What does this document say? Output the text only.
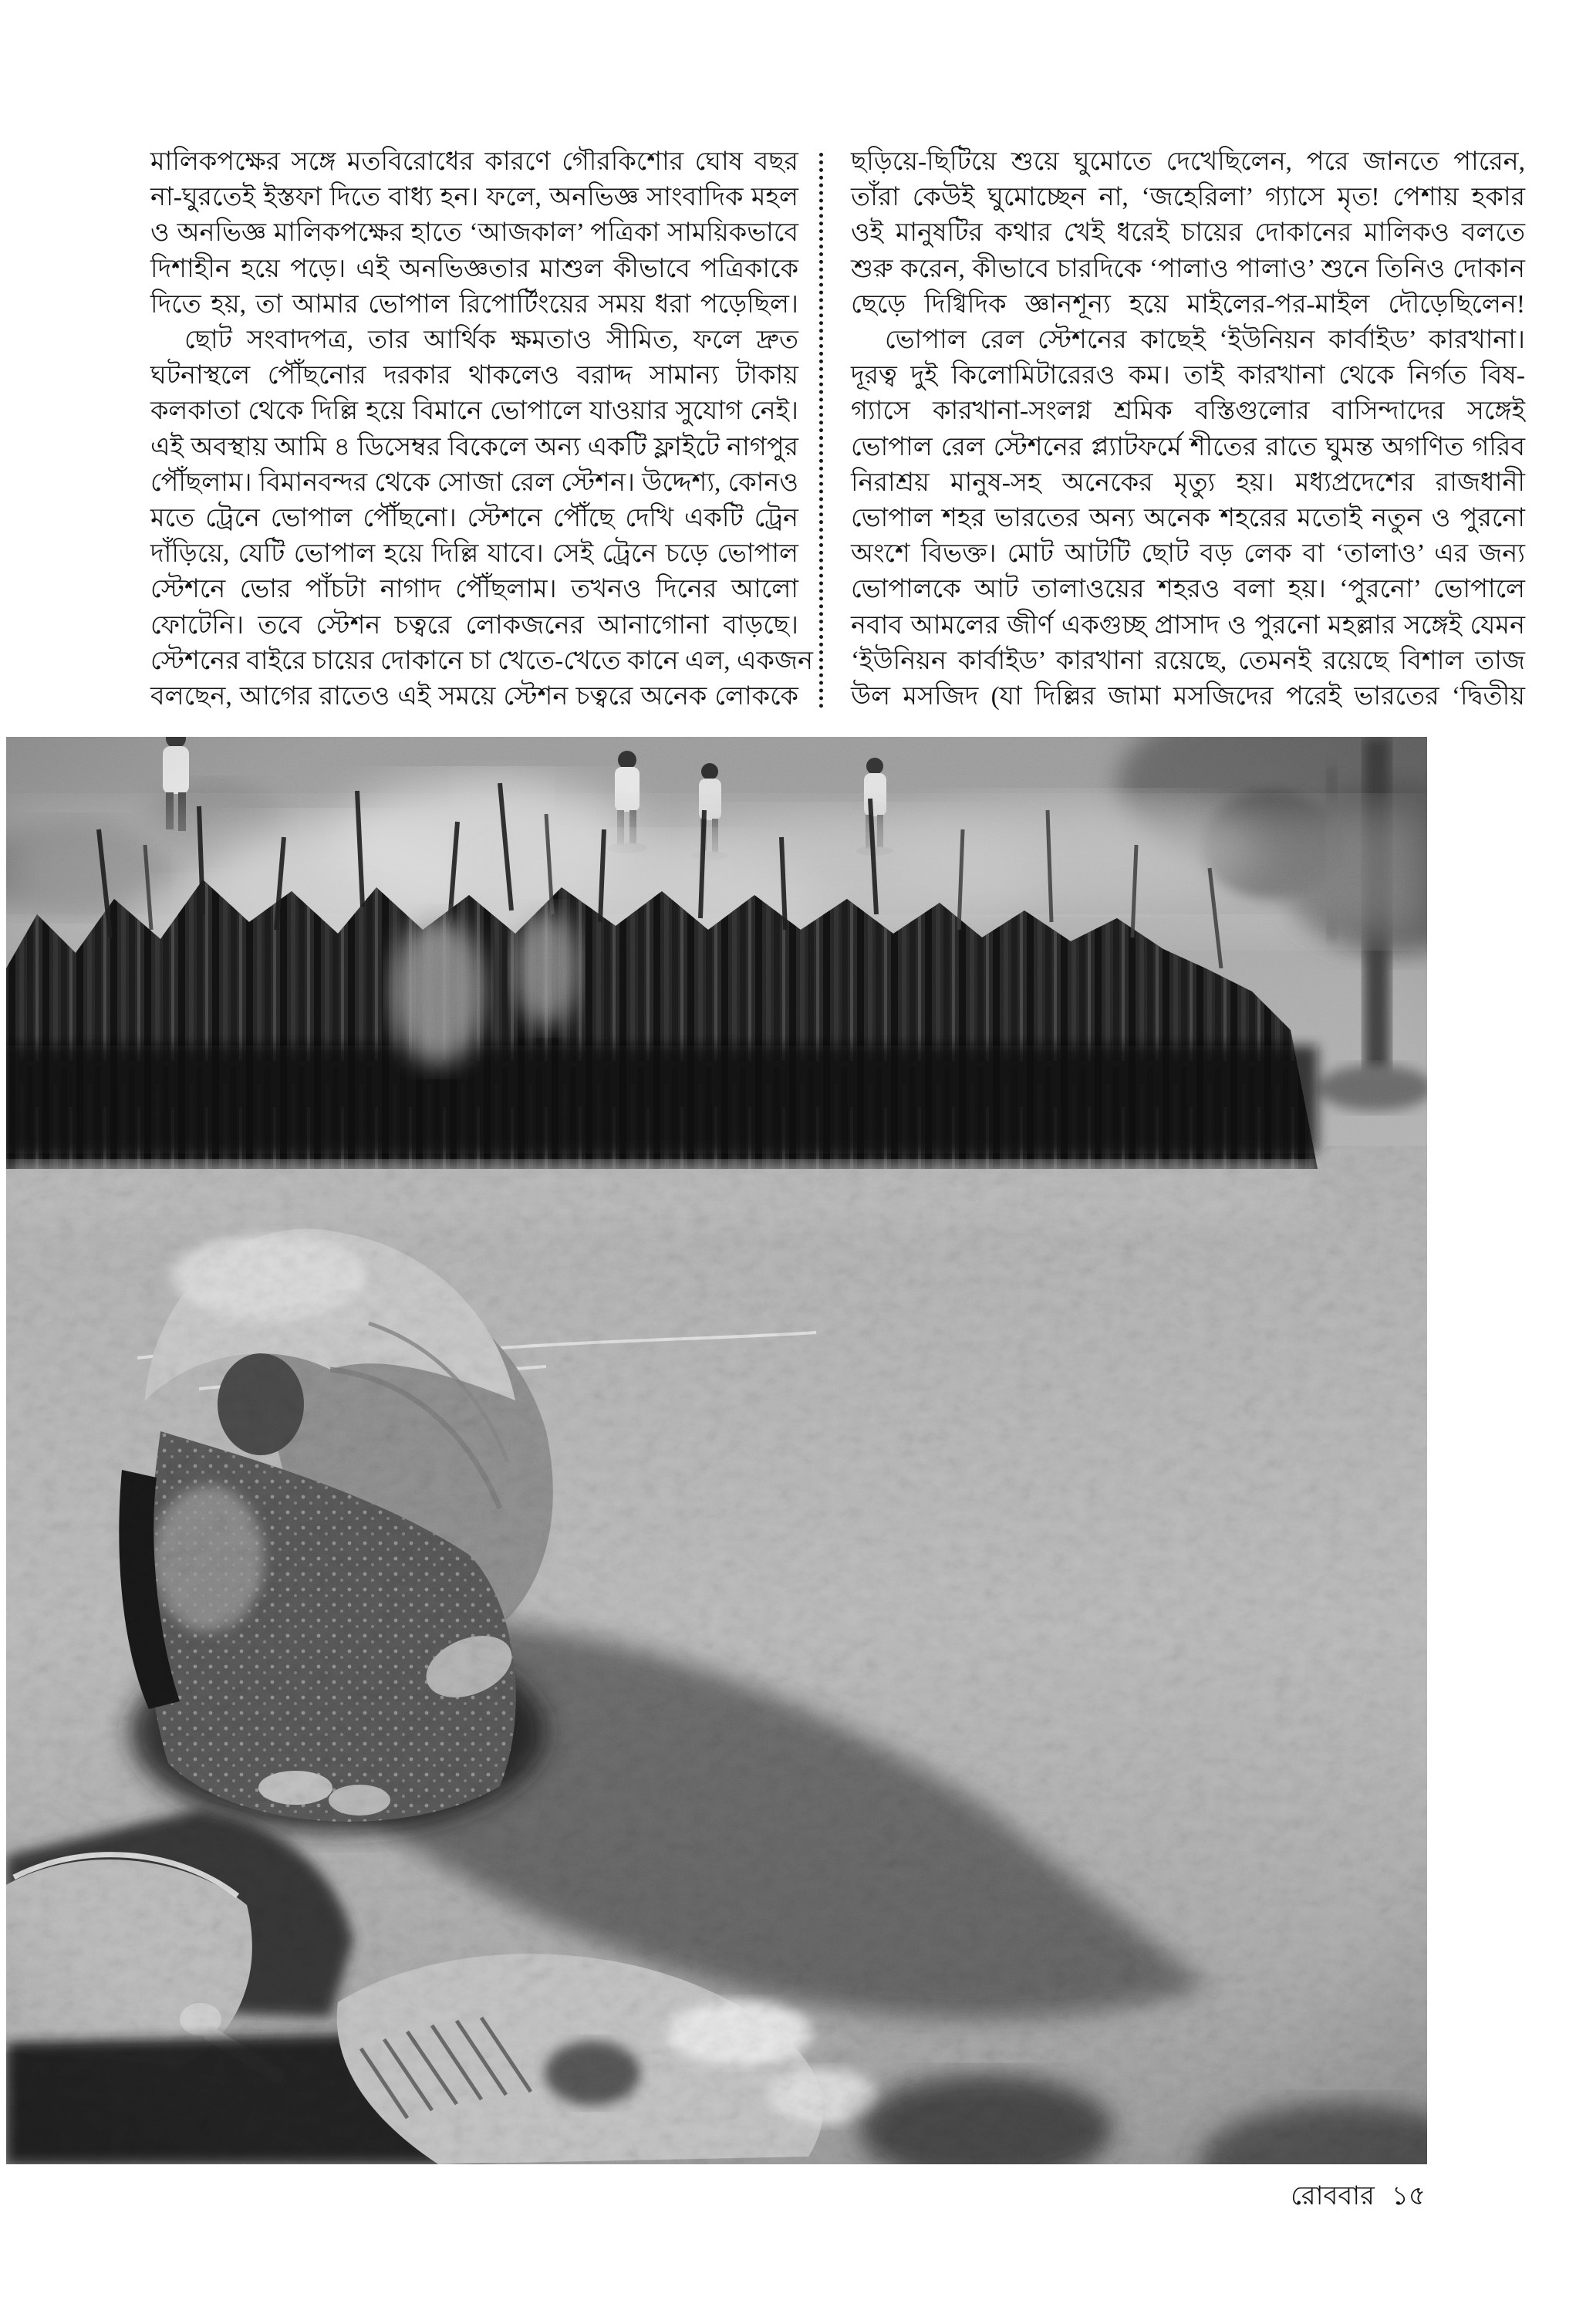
মালিকপক্ষের সঙ্গে মতবিরোধের কারণে গৌরকিশোর ঘোষ বছর
না-ঘুরতেই ইস্তফা দিতে বাধ্য হন। ফলে, অনভিজ্ঞ সাংবাদিক মহল
ও অনভিজ্ঞ মালিকপক্ষের হাতে ‘আজকাল’ পত্রিকা সাময়িকভাবে
দিশাহীন হয়ে পড়ে। এই অনভিজ্ঞতার মাশুল কীভাবে পত্রিকাকে
দিতে হয়, তা আমার ভোপাল রিপোর্টিংয়ের সময় ধরা পড়েছিল।
ছোট সংবাদপত্র, তার আর্থিক ক্ষমতাও সীমিত, ফলে দ্রুত
ঘটনাস্থলে পৌঁছনোর দরকার থাকলেও বরাদ্দ সামান্য টাকায়
কলকাতা থেকে দিল্লি হয়ে বিমানে ভোপালে যাওয়ার সুযোগ নেই।
এই অবস্থায় আমি ৪ ডিসেম্বর বিকেলে অন্য একটি ফ্লাইটে নাগপুর
পৌঁছলাম। বিমানবন্দর থেকে সোজা রেল স্টেশন। উদ্দেশ্য, কোনও
মতে ট্রেনে ভোপাল পৌঁছনো। স্টেশনে পৌঁছে দেখি একটি ট্রেন
দাঁড়িয়ে, যেটি ভোপাল হয়ে দিল্লি যাবে। সেই ট্রেনে চড়ে ভোপাল
স্টেশনে ভোর পাঁচটা নাগাদ পৌঁছলাম। তখনও দিনের আলো
ফোটেনি। তবে স্টেশন চত্বরে লোকজনের আনাগোনা বাড়ছে।
স্টেশনের বাইরে চায়ের দোকানে চা খেতে-খেতে কানে এল, একজন
বলছেন, আগের রাতেও এই সময়ে স্টেশন চত্বরে অনেক লোককে
ছড়িয়ে-ছিটিয়ে শুয়ে ঘুমোতে দেখেছিলেন, পরে জানতে পারেন,
তাঁরা কেউই ঘুমোচ্ছেন না, ‘জহেরিলা’ গ্যাসে মৃত! পেশায় হকার
ওই মানুষটির কথার খেই ধরেই চায়ের দোকানের মালিকও বলতে
শুরু করেন, কীভাবে চারদিকে ‘পালাও পালাও’ শুনে তিনিও দোকান
ছেড়ে দিগ্বিদিক জ্ঞানশূন্য হয়ে মাইলের-পর-মাইল দৌড়েছিলেন!
ভোপাল রেল স্টেশনের কাছেই ‘ইউনিয়ন কার্বাইড’ কারখানা।
দূরত্ব দুই কিলোমিটারেরও কম। তাই কারখানা থেকে নির্গত বিষ-
গ্যাসে কারখানা-সংলগ্ন শ্রমিক বস্তিগুলোর বাসিন্দাদের সঙ্গেই
ভোপাল রেল স্টেশনের প্ল্যাটফর্মে শীতের রাতে ঘুমন্ত অগণিত গরিব
নিরাশ্রয় মানুষ-সহ অনেকের মৃত্যু হয়। মধ্যপ্রদেশের রাজধানী
ভোপাল শহর ভারতের অন্য অনেক শহরের মতোই নতুন ও পুরনো
অংশে বিভক্ত। মোট আটটি ছোট বড় লেক বা ‘তালাও’ এর জন্য
ভোপালকে আট তালাওয়ের শহরও বলা হয়। ‘পুরনো’ ভোপালে
নবাব আমলের জীর্ণ একগুচ্ছ প্রাসাদ ও পুরনো মহল্লার সঙ্গেই যেমন
‘ইউনিয়ন কার্বাইড’ কারখানা রয়েছে, তেমনই রয়েছে বিশাল তাজ
উল মসজিদ (যা দিল্লির জামা মসজিদের পরেই ভারতের ‘দ্বিতীয়
রোববার ১৫
